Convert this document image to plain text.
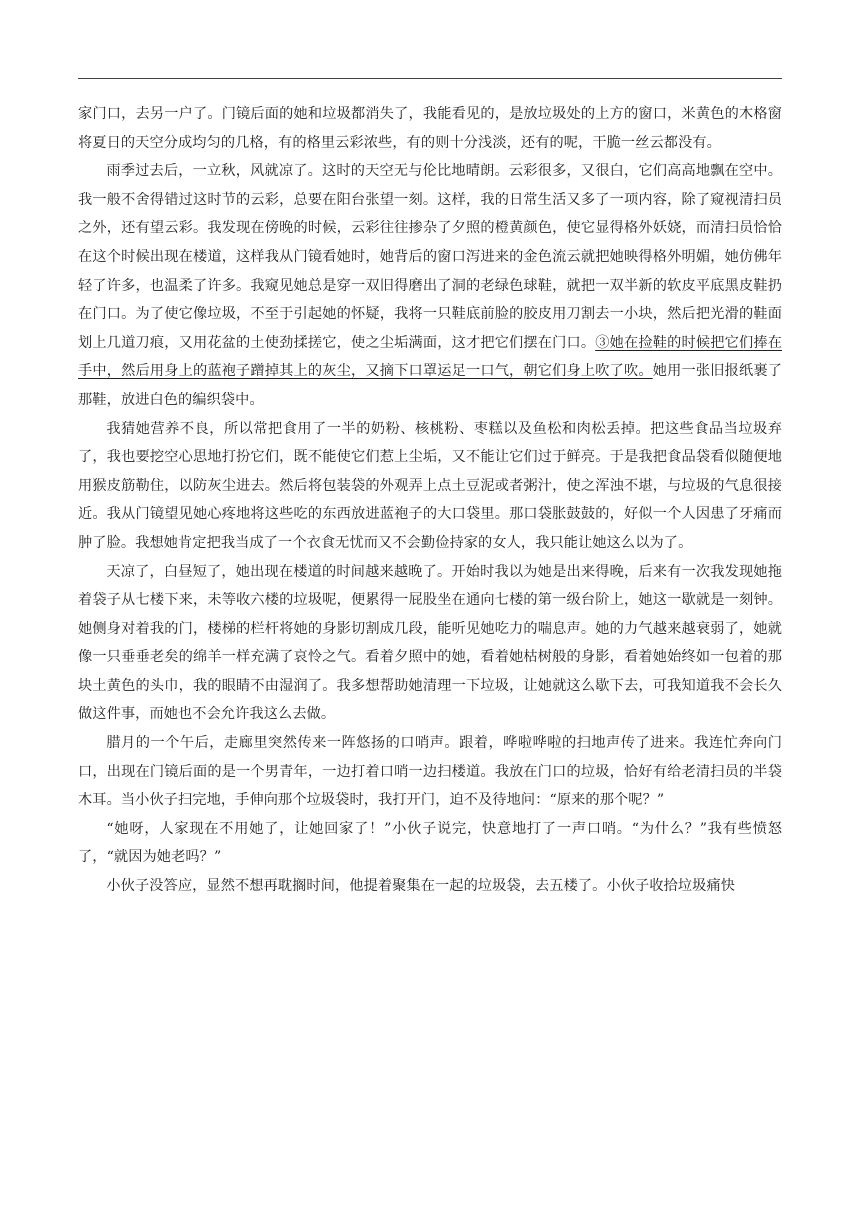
家门口，去另一户了。门镜后面的她和垃圾都消失了，我能看见的，是放垃圾处的上方的窗口，米黄色的木格窗将夏日的天空分成均匀的几格，有的格里云彩浓些，有的则十分浅淡，还有的呢，干脆一丝云都没有。

雨季过去后，一立秋，风就凉了。这时的天空无与伦比地晴朗。云彩很多，又很白，它们高高地飘在空中。我一般不舍得错过这时节的云彩，总要在阳台张望一刻。这样，我的日常生活又多了一项内容，除了窥视清扫员之外，还有望云彩。我发现在傍晚的时候，云彩往往掺杂了夕照的橙黄颜色，使它显得格外妖娆，而清扫员恰恰在这个时候出现在楼道，这样我从门镜看她时，她背后的窗口泻进来的金色流云就把她映得格外明媚，她仿佛年轻了许多，也温柔了许多。我窥见她总是穿一双旧得磨出了洞的老绿色球鞋，就把一双半新的软皮平底黑皮鞋扔在门口。为了使它像垃圾，不至于引起她的怀疑，我将一只鞋底前脸的胶皮用刀割去一小块，然后把光滑的鞋面划上几道刀痕，又用花盆的土使劲揉搓它，使之尘垢满面，这才把它们摆在门口。③她在捡鞋的时候把它们捧在手中，然后用身上的蓝袍子蹭掉其上的灰尘，又摘下口罩运足一口气，朝它们身上吹了吹。她用一张旧报纸裹了那鞋，放进白色的编织袋中。

我猜她营养不良，所以常把食用了一半的奶粉、核桃粉、枣糕以及鱼松和肉松丢掉。把这些食品当垃圾弃了，我也要挖空心思地打扮它们，既不能使它们惹上尘垢，又不能让它们过于鲜亮。于是我把食品袋看似随便地用猴皮筋勒住，以防灰尘进去。然后将包装袋的外观弄上点土豆泥或者粥汁，使之浑浊不堪，与垃圾的气息很接近。我从门镜望见她心疼地将这些吃的东西放进蓝袍子的大口袋里。那口袋胀鼓鼓的，好似一个人因患了牙痛而肿了脸。我想她肯定把我当成了一个衣食无忧而又不会勤俭持家的女人，我只能让她这么以为了。

天凉了，白昼短了，她出现在楼道的时间越来越晚了。开始时我以为她是出来得晚，后来有一次我发现她拖着袋子从七楼下来，未等收六楼的垃圾呢，便累得一屁股坐在通向七楼的第一级台阶上，她这一歇就是一刻钟。她侧身对着我的门，楼梯的栏杆将她的身影切割成几段，能听见她吃力的喘息声。她的力气越来越衰弱了，她就像一只垂垂老矣的绵羊一样充满了哀怜之气。看着夕照中的她，看着她枯树般的身影，看着她始终如一包着的那块土黄色的头巾，我的眼睛不由湿润了。我多想帮助她清理一下垃圾，让她就这么歇下去，可我知道我不会长久做这件事，而她也不会允许我这么去做。

腊月的一个午后，走廊里突然传来一阵悠扬的口哨声。跟着，哗啦哗啦的扫地声传了进来。我连忙奔向门口，出现在门镜后面的是一个男青年，一边打着口哨一边扫楼道。我放在门口的垃圾，恰好有给老清扫员的半袋木耳。当小伙子扫完地，手伸向那个垃圾袋时，我打开门，迫不及待地问：“原来的那个呢？”

“她呀，人家现在不用她了，让她回家了！”小伙子说完，快意地打了一声口哨。“为什么？”我有些愤怒了，“就因为她老吗？”

小伙子没答应，显然不想再耽搁时间，他提着聚集在一起的垃圾袋，去五楼了。小伙子收拾垃圾痛快
